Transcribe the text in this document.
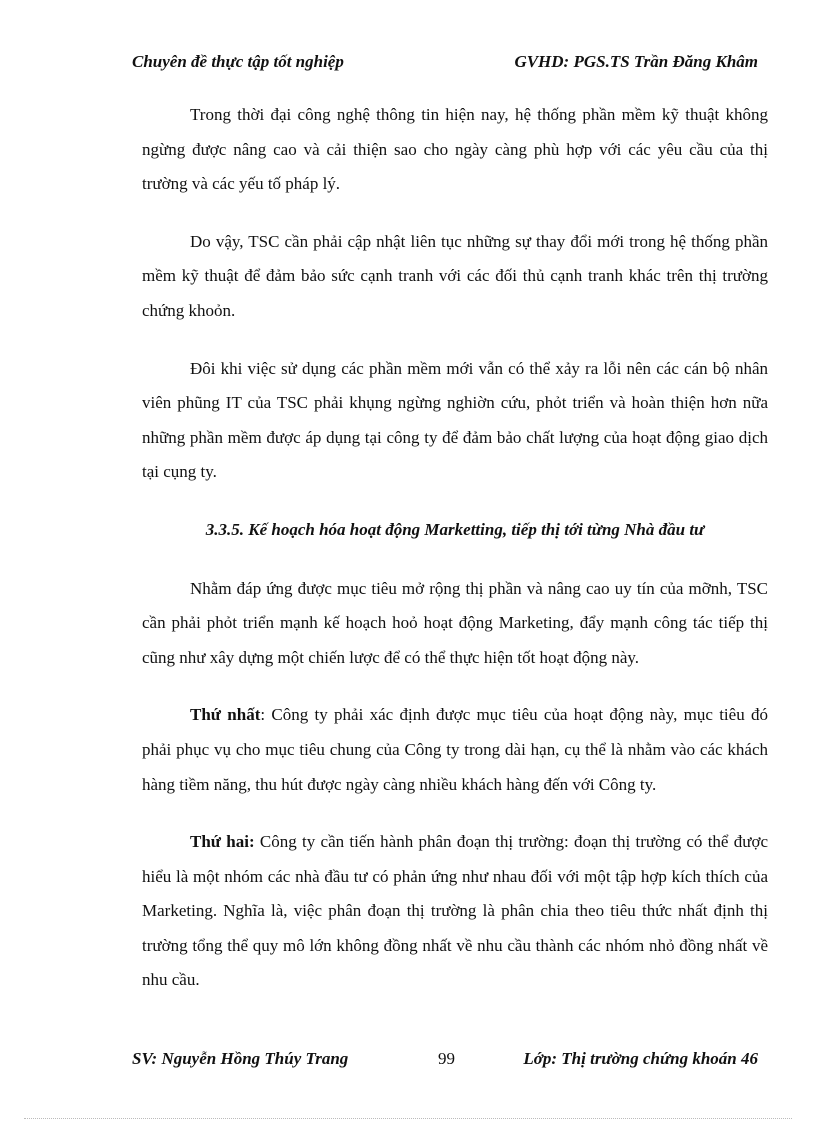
Chuyên đề thực tập tốt nghiệp	GVHD: PGS.TS Trần Đăng Khâm

Trong thời đại công nghệ thông tin hiện nay, hệ thống phần mềm kỹ thuật không ngừng được nâng cao và cải thiện sao cho ngày càng phù hợp với các yêu cầu của thị trường và các yếu tố pháp lý.

Do vậy, TSC cần phải cập nhật liên tục những sự thay đổi mới trong hệ thống phần mềm kỹ thuật để đảm bảo sức cạnh tranh với các đối thủ cạnh tranh khác trên thị trường chứng khoỏn.

Đôi khi việc sử dụng các phần mềm mới vẫn có thể xảy ra lỗi nên các cán bộ nhân viên phũng IT của TSC phải khụng ngừng nghiờn cứu, phỏt triển và hoàn thiện hơn nữa những phần mềm được áp dụng tại công ty để đảm bảo chất lượng của hoạt động giao dịch tại cụng ty.

3.3.5. Kế hoạch hóa hoạt động Marketting, tiếp thị tới từng Nhà đầu tư

Nhằm đáp ứng được mục tiêu mở rộng thị phần và nâng cao uy tín của mỡnh, TSC cần phải phỏt triển mạnh kế hoạch hoỏ hoạt động Marketing, đẩy mạnh công tác tiếp thị cũng như xây dựng một chiến lược để có thể thực hiện tốt hoạt động này.

Thứ nhất: Công ty phải xác định được mục tiêu của hoạt động này, mục tiêu đó phải phục vụ cho mục tiêu chung của Công ty trong dài hạn, cụ thể là nhằm vào các khách hàng tiềm năng, thu hút được ngày càng nhiều khách hàng đến với Công ty.

Thứ hai: Công ty cần tiến hành phân đoạn thị trường: đoạn thị trường có thể được hiểu là một nhóm các nhà đầu tư có phản ứng như nhau đối với một tập hợp kích thích của Marketing. Nghĩa là, việc phân đoạn thị trường là phân chia theo tiêu thức nhất định thị trường tổng thể quy mô lớn không đồng nhất về nhu cầu thành các nhóm nhỏ đồng nhất về nhu cầu.

SV: Nguyễn Hồng Thúy Trang	99	Lớp: Thị trường chứng khoán 46
